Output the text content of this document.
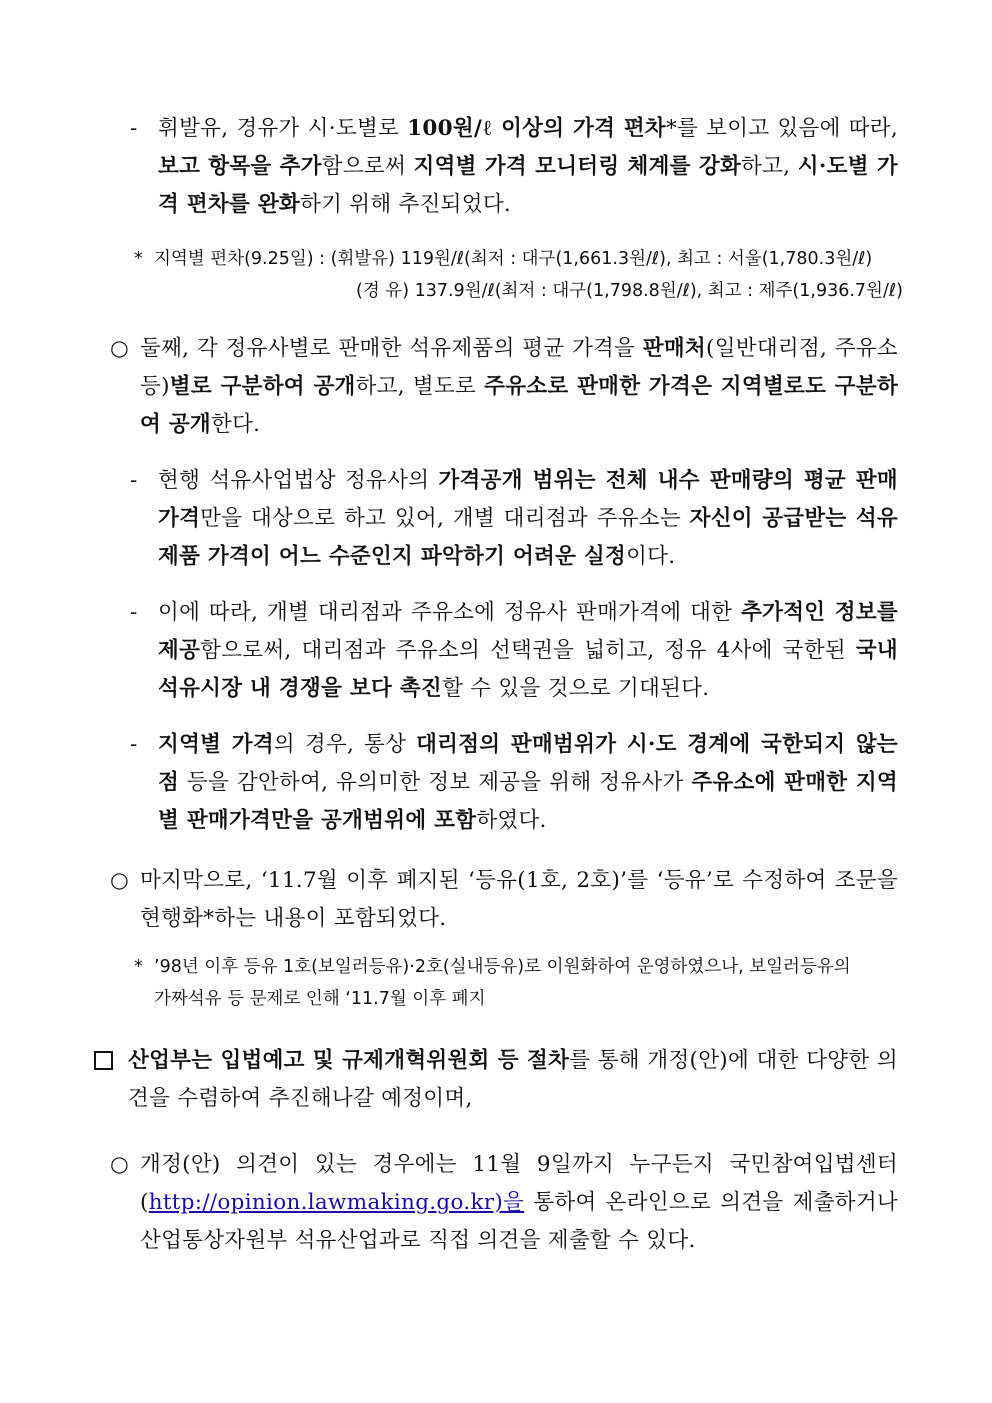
- 휘발유, 경유가 시·도별로 100원/ℓ 이상의 가격 편차*를 보이고 있음에 따라, 보고 항목을 추가함으로써 지역별 가격 모니터링 체계를 강화하고, 시·도별 가격 편차를 완화하기 위해 추진되었다.
* 지역별 편차(9.25일) : (휘발유) 119원/ℓ(최저 : 대구(1,661.3원/ℓ), 최고 : 서울(1,780.3원/ℓ)
(경 유) 137.9원/ℓ(최저 : 대구(1,798.8원/ℓ), 최고 : 제주(1,936.7원/ℓ)
○ 둘째, 각 정유사별로 판매한 석유제품의 평균 가격을 판매처(일반대리점, 주유소 등)별로 구분하여 공개하고, 별도로 주유소로 판매한 가격은 지역별로도 구분하여 공개한다.
- 현행 석유사업법상 정유사의 가격공개 범위는 전체 내수 판매량의 평균 판매가격만을 대상으로 하고 있어, 개별 대리점과 주유소는 자신이 공급받는 석유제품 가격이 어느 수준인지 파악하기 어려운 실정이다.
- 이에 따라, 개별 대리점과 주유소에 정유사 판매가격에 대한 추가적인 정보를 제공함으로써, 대리점과 주유소의 선택권을 넓히고, 정유 4사에 국한된 국내 석유시장 내 경쟁을 보다 촉진할 수 있을 것으로 기대된다.
- 지역별 가격의 경우, 통상 대리점의 판매범위가 시·도 경계에 국한되지 않는 점 등을 감안하여, 유의미한 정보 제공을 위해 정유사가 주유소에 판매한 지역별 판매가격만을 공개범위에 포함하였다.
○ 마지막으로, ‘11.7월 이후 폐지된 ‘등유(1호, 2호)’를 ‘등유’로 수정하여 조문을 현행화*하는 내용이 포함되었다.
* ’98년 이후 등유 1호(보일러등유)·2호(실내등유)로 이원화하여 운영하였으나, 보일러등유의
가짜석유 등 문제로 인해 ‘11.7월 이후 폐지
산업부는 입법예고 및 규제개혁위원회 등 절차를 통해 개정(안)에 대한 다양한 의견을 수렴하여 추진해나갈 예정이며,
○ 개정(안) 의견이 있는 경우에는 11월 9일까지 누구든지 국민참여입법센터(http://opinion.lawmaking.go.kr)을 통하여 온라인으로 의견을 제출하거나 산업통상자원부 석유산업과로 직접 의견을 제출할 수 있다.
